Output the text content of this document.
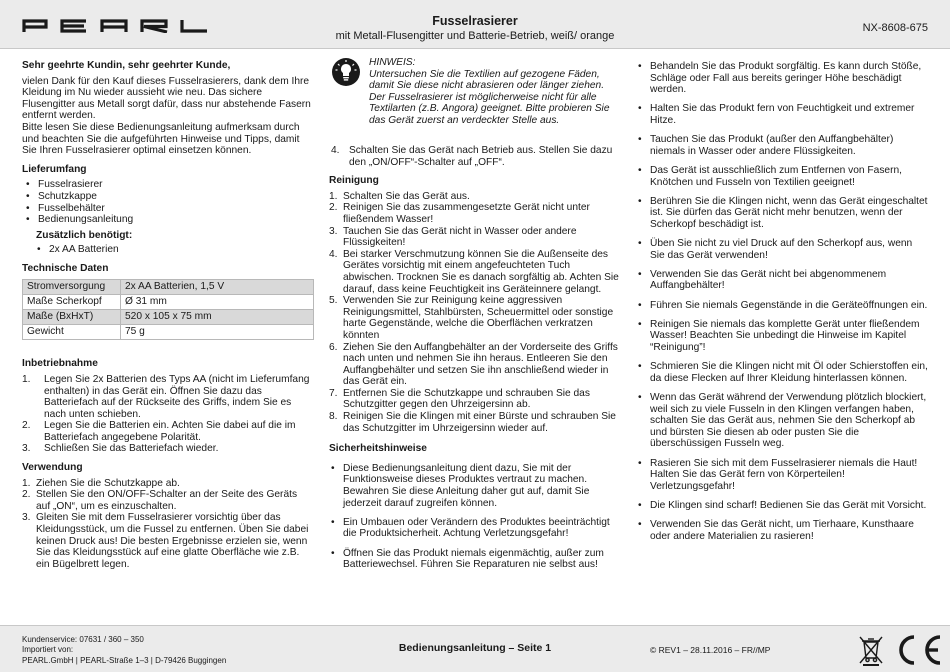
Fusselrasierer
mit Metall-Flusengitter und Batterie-Betrieb, weiß/ orange
NX-8608-675
Sehr geehrte Kundin, sehr geehrter Kunde,

vielen Dank für den Kauf dieses Fusselrasierers, dank dem Ihre Kleidung im Nu wieder aussieht wie neu. Das sichere Flusengitter aus Metall sorgt dafür, dass nur abstehende Fasern entfernt werden.

Bitte lesen Sie diese Bedienungsanleitung aufmerksam durch und beachten Sie die aufgeführten Hinweise und Tipps, damit Sie Ihren Fusselrasierer optimal einsetzen können.

Lieferumfang
• Fusselrasierer
• Schutzkappe
• Fusselbehälter
• Bedienungsanleitung
Zusätzlich benötigt:
• 2x AA Batterien
Technische Daten
Stromversorgung	2x AA Batterien, 1,5 V
Maße Scherkopf	Ø 31 mm
Maße (BxHxT)	520 x 105 x 75 mm
Gewicht	75 g
Inbetriebnahme
1. Legen Sie 2x Batterien des Typs AA (nicht im Lieferumfang enthalten) in das Gerät ein. Öffnen Sie dazu das Batteriefach auf der Rückseite des Griffs, indem Sie es nach unten schieben.
2. Legen Sie die Batterien ein. Achten Sie dabei auf die im Batteriefach angegebene Polarität.
3. Schließen Sie das Batteriefach wieder.
Verwendung
1. Ziehen Sie die Schutzkappe ab.
2. Stellen Sie den ON/OFF-Schalter an der Seite des Geräts auf „ON“, um es einzuschalten.
3. Gleiten Sie mit dem Fusselrasierer vorsichtig über das Kleidungsstück, um die Fussel zu entfernen. Üben Sie dabei keinen Druck aus! Die besten Ergebnisse erzielen sie, wenn Sie das Kleidungsstück auf eine glatte Oberfläche wie z.B. ein Bügelbrett legen.

HINWEIS:

Untersuchen Sie die Textilien auf gezogene Fäden, damit Sie diese nicht abrasieren oder länger ziehen. Der Fusselrasierer ist möglicherweise nicht für alle Textilarten (z.B. Angora) geeignet. Bitte probieren Sie das Gerät zuerst an verdeckter Stelle aus.

4. Schalten Sie das Gerät nach Betrieb aus. Stellen Sie dazu den „ON/OFF“-Schalter auf „OFF“.
Reinigung
1. Schalten Sie das Gerät aus.
2. Reinigen Sie das zusammengesetzte Gerät nicht unter fließendem Wasser!
3. Tauchen Sie das Gerät nicht in Wasser oder andere Flüssigkeiten!
4. Bei starker Verschmutzung können Sie die Außenseite des Gerätes vorsichtig mit einem angefeuchteten Tuch abwischen. Trocknen Sie es danach sorgfältig ab. Achten Sie darauf, dass keine Feuchtigkeit ins Geräteinnere gelangt.
5. Verwenden Sie zur Reinigung keine aggressiven Reinigungsmittel, Stahlbürsten, Scheuermittel oder sonstige harte Gegenstände, welche die Oberflächen verkratzen könnten
6. Ziehen Sie den Auffangbehälter an der Vorderseite des Griffs nach unten und nehmen Sie ihn heraus. Entleeren Sie den Auffangbehälter und setzen Sie ihn anschließend wieder in das Gerät ein.
7. Entfernen Sie die Schutzkappe und schrauben Sie das Schutzgitter gegen den Uhrzeigersinn ab.
8. Reinigen Sie die Klingen mit einer Bürste und schrauben Sie das Schutzgitter im Uhrzeigersinn wieder auf.
Sicherheitshinweise
• Diese Bedienungsanleitung dient dazu, Sie mit der Funktionsweise dieses Produktes vertraut zu machen. Bewahren Sie diese Anleitung daher gut auf, damit Sie jederzeit darauf zugreifen können.
• Ein Umbauen oder Verändern des Produktes beeinträchtigt die Produktsicherheit. Achtung Verletzungsgefahr!
• Öffnen Sie das Produkt niemals eigenmächtig, außer zum Batteriewechsel. Führen Sie Reparaturen nie selbst aus!
• Behandeln Sie das Produkt sorgfältig. Es kann durch Stöße, Schläge oder Fall aus bereits geringer Höhe beschädigt werden.
• Halten Sie das Produkt fern von Feuchtigkeit und extremer Hitze.
• Tauchen Sie das Produkt (außer den Auffangbehälter) niemals in Wasser oder andere Flüssigkeiten.
• Das Gerät ist ausschließlich zum Entfernen von Fasern, Knötchen und Fusseln von Textilien geeignet!
• Berühren Sie die Klingen nicht, wenn das Gerät eingeschaltet ist. Sie dürfen das Gerät nicht mehr benutzen, wenn der Scherkopf beschädigt ist.
• Üben Sie nicht zu viel Druck auf den Scherkopf aus, wenn Sie das Gerät verwenden!
• Verwenden Sie das Gerät nicht bei abgenommenem Auffangbehälter!
• Führen Sie niemals Gegenstände in die Geräteöffnungen ein.
• Reinigen Sie niemals das komplette Gerät unter fließendem Wasser! Beachten Sie unbedingt die Hinweise im Kapitel “Reinigung”!
• Schmieren Sie die Klingen nicht mit Öl oder Schierstoffen ein, da diese Flecken auf Ihrer Kleidung hinterlassen können.
• Wenn das Gerät während der Verwendung plötzlich blockiert, weil sich zu viele Fusseln in den Klingen verfangen haben, schalten Sie das Gerät aus, nehmen Sie den Scherkopf ab und bürsten Sie diesen ab oder pusten Sie die überschüssigen Fusseln weg.
• Rasieren Sie sich mit dem Fusselrasierer niemals die Haut! Halten Sie das Gerät fern von Körperteilen! Verletzungsgefahr!
• Die Klingen sind scharf! Bedienen Sie das Gerät mit Vorsicht.
• Verwenden Sie das Gerät nicht, um Tierhaare, Kunsthaare oder andere Materialien zu rasieren!
Kundenservice: 07631 / 360 – 350
Importiert von:
PEARL.GmbH | PEARL-Straße 1–3 | D-79426 Buggingen
Bedienungsanleitung – Seite 1	© REV1 – 28.11.2016 – FR//MP
